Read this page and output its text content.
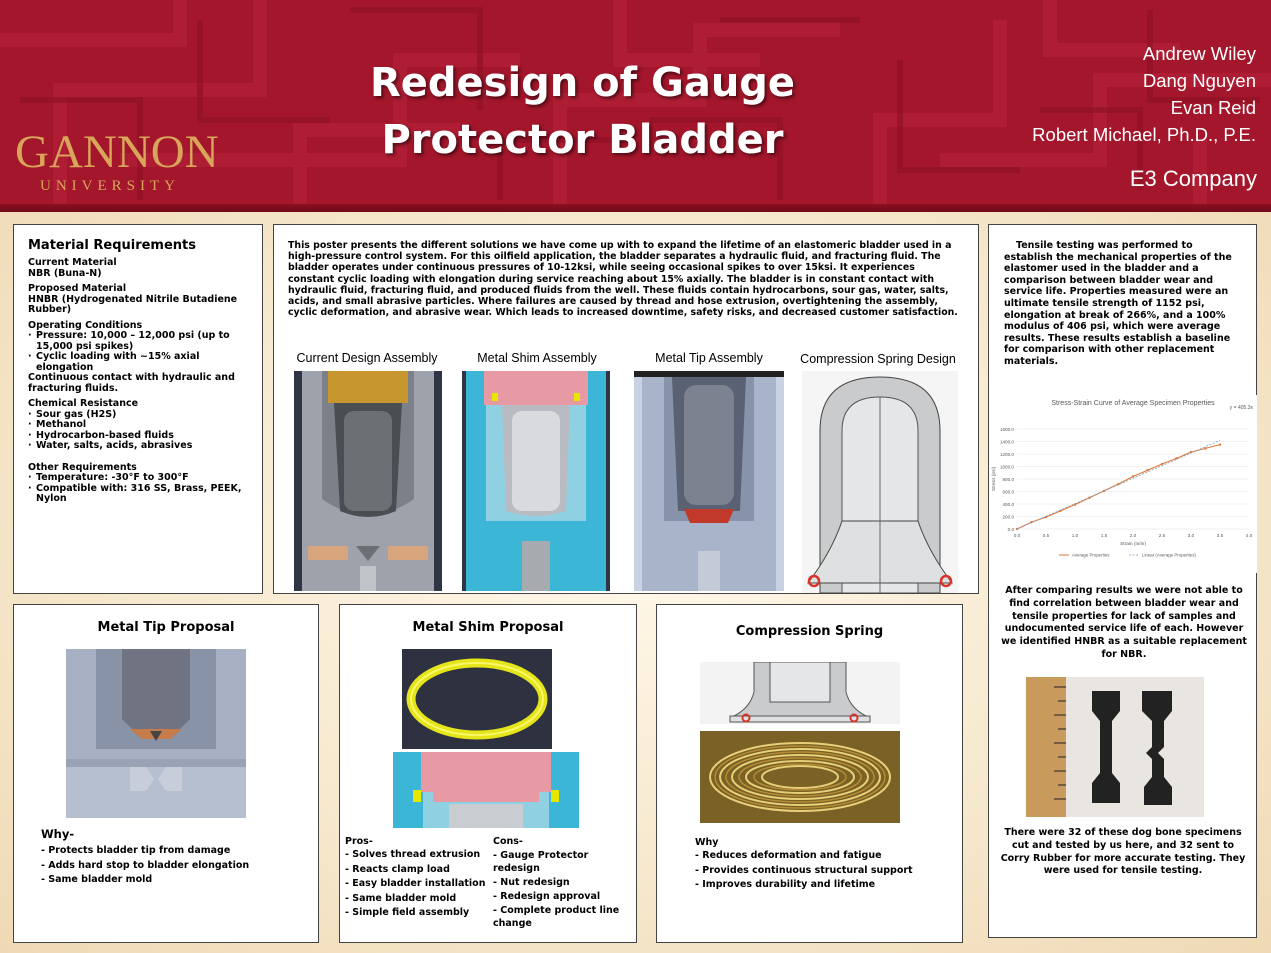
GANNON
UNIVERSITY
Redesign of Gauge
Protector Bladder
Andrew Wiley
Dang Nguyen
Evan Reid
Robert Michael, Ph.D., P.E.
E3 Company
Material Requirements
Current Material
NBR (Buna-N)
Proposed Material
HNBR (Hydrogenated Nitrile Butadiene Rubber)
Operating Conditions
· Pressure: 10,000 – 12,000 psi (up to 15,000 psi spikes)
· Cyclic loading with ~15% axial elongation
Continuous contact with hydraulic and fracturing fluids.
Chemical Resistance
· Sour gas (H2S)
· Methanol
· Hydrocarbon-based fluids
· Water, salts, acids, abrasives
Other Requirements
· Temperature: -30°F to 300°F
· Compatible with: 316 SS, Brass, PEEK, Nylon
This poster presents the different solutions we have come up with to expand the lifetime of an elastomeric bladder used in a high-pressure control system. For this oilfield application, the bladder separates a hydraulic fluid, and fracturing fluid. The bladder operates under continuous pressures of 10-12ksi, while seeing occasional spikes to over 15ksi. It experiences constant cyclic loading with elongation during service reaching about 15% axially. The bladder is in constant contact with hydraulic fluid, fracturing fluid, and produced fluids from the well. These fluids contain hydrocarbons, sour gas, water, salts, acids, and small abrasive particles. Where failures are caused by thread and hose extrusion, overtightening the assembly, cyclic deformation, and abrasive wear. Which leads to increased downtime, safety risks, and decreased customer satisfaction.
Current Design Assembly	Metal Shim Assembly	Metal Tip Assembly	Compression Spring Design
Tensile testing was performed to establish the mechanical properties of the elastomer used in the bladder and a comparison between bladder wear and service life. Properties measured were an ultimate tensile strength of 1152 psi, elongation at break of 266%, and a 100% modulus of 406 psi, which were average results. These results establish a baseline for comparison with other replacement materials.
Stress-Strain Curve of Average Specimen Properties
y = 405.3x
0.0
200.0
400.0
600.0
800.0
1000.0
1200.0
1400.0
1600.0
0.0	0.5	1.0	1.5	2.0	2.5	3.0	3.5	4.0
Strain (in/in)
Stress (psi)
Average Properties	Linear (Average Properties)
After comparing results we were not able to find correlation between bladder wear and tensile properties for lack of samples and undocumented service life of each. However we identified HNBR as a suitable replacement for NBR.
There were 32 of these dog bone specimens cut and tested by us here, and 32 sent to Corry Rubber for more accurate testing. They were used for tensile testing.
Metal Tip Proposal
Why-
- Protects bladder tip from damage
- Adds hard stop to bladder elongation
- Same bladder mold
Metal Shim Proposal
Pros-
- Solves thread extrusion
- Reacts clamp load
- Easy bladder installation
- Same bladder mold
- Simple field assembly
Cons-
- Gauge Protector redesign
- Nut redesign
- Redesign approval
- Complete product line change
Compression Spring
Why
- Reduces deformation and fatigue
- Provides continuous structural support
- Improves durability and lifetime
